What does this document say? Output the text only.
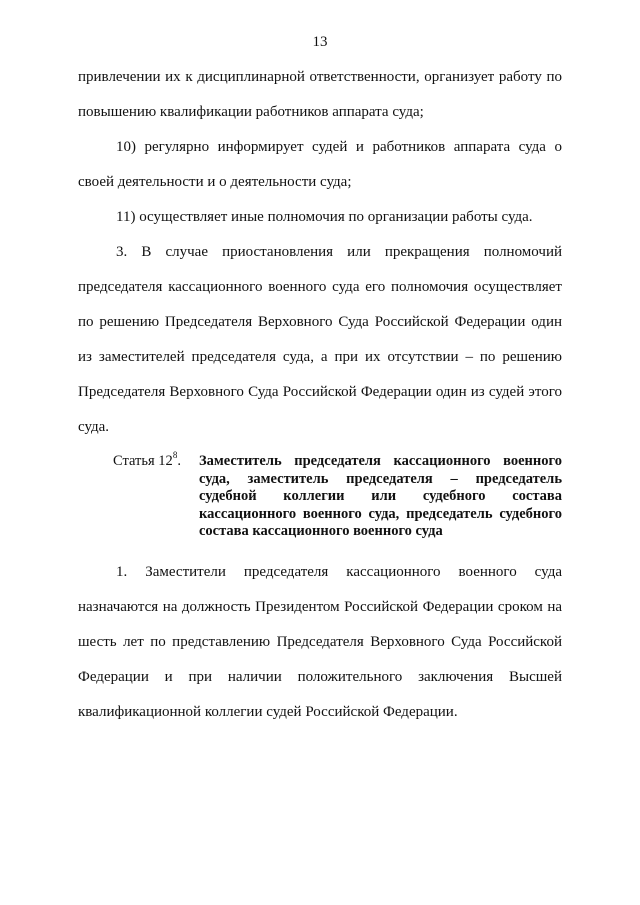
13

привлечении их к дисциплинарной ответственности, организует работу по повышению квалификации работников аппарата суда;

10) регулярно информирует судей и работников аппарата суда о своей деятельности и о деятельности суда;

11) осуществляет иные полномочия по организации работы суда.

3. В случае приостановления или прекращения полномочий председателя кассационного военного суда его полномочия осуществляет по решению Председателя Верховного Суда Российской Федерации один из заместителей председателя суда, а при их отсутствии – по решению Председателя Верховного Суда Российской Федерации один из судей этого суда.

Статья $12^8$. Заместитель председателя кассационного военного суда, заместитель председателя – председатель судебной коллегии или судебного состава кассационного военного суда, председатель судебного состава кассационного военного суда

1. Заместители председателя кассационного военного суда назначаются на должность Президентом Российской Федерации сроком на шесть лет по представлению Председателя Верховного Суда Российской Федерации и при наличии положительного заключения Высшей квалификационной коллегии судей Российской Федерации.
